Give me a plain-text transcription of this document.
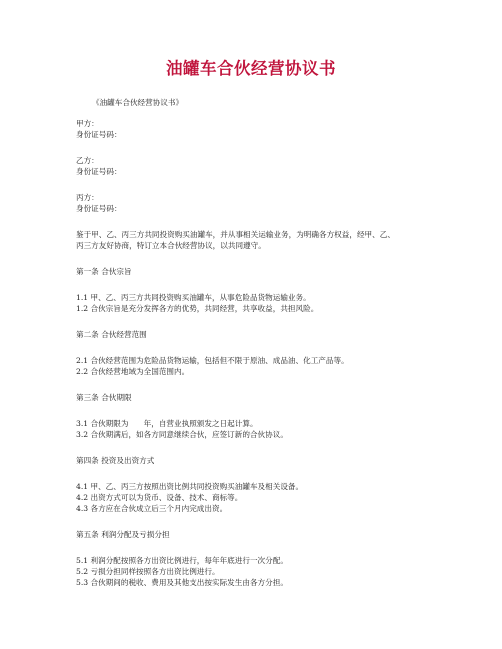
油罐车合伙经营协议书
《油罐车合伙经营协议书》
甲方：
身份证号码：
乙方：
身份证号码：
丙方：
身份证号码：
鉴于甲、乙、丙三方共同投资购买油罐车，并从事相关运输业务，为明确各方权益，经甲、乙、
丙三方友好协商，特订立本合伙经营协议，以共同遵守。
第一条 合伙宗旨
1.1 甲、乙、丙三方共同投资购买油罐车，从事危险品货物运输业务。
1.2 合伙宗旨是充分发挥各方的优势，共同经营，共享收益，共担风险。
第二条 合伙经营范围
2.1 合伙经营范围为危险品货物运输，包括但不限于原油、成品油、化工产品等。
2.2 合伙经营地域为全国范围内。
第三条 合伙期限
3.1 合伙期限为　　年，自营业执照颁发之日起计算。
3.2 合伙期满后，如各方同意继续合伙，应签订新的合伙协议。
第四条 投资及出资方式
4.1 甲、乙、丙三方按照出资比例共同投资购买油罐车及相关设备。
4.2 出资方式可以为货币、设备、技术、商标等。
4.3 各方应在合伙成立后三个月内完成出资。
第五条 利润分配及亏损分担
5.1 利润分配按照各方出资比例进行，每年年底进行一次分配。
5.2 亏损分担同样按照各方出资比例进行。
5.3 合伙期间的税收、费用及其他支出按实际发生由各方分担。
